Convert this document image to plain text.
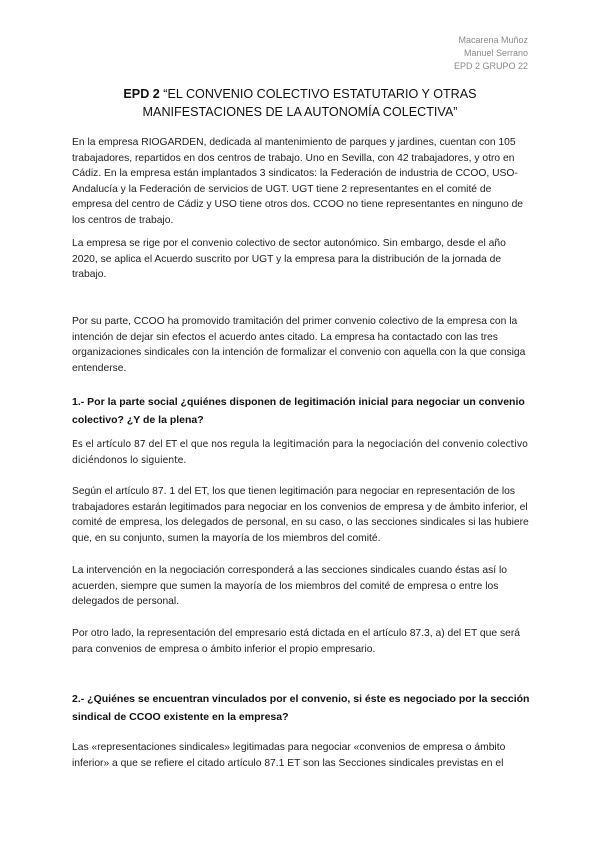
Macarena Muñoz
Manuel Serrano
EPD 2 GRUPO 22
EPD 2 “EL CONVENIO COLECTIVO ESTATUTARIO Y OTRAS MANIFESTACIONES DE LA AUTONOMÍA COLECTIVA”

En la empresa RIOGARDEN, dedicada al mantenimiento de parques y jardines, cuentan con 105 trabajadores, repartidos en dos centros de trabajo. Uno en Sevilla, con 42 trabajadores, y otro en Cádiz. En la empresa están implantados 3 sindicatos: la Federación de industria de CCOO, USO-Andalucía y la Federación de servicios de UGT. UGT tiene 2 representantes en el comité de empresa del centro de Cádiz y USO tiene otros dos. CCOO no tiene representantes en ninguno de los centros de trabajo.

La empresa se rige por el convenio colectivo de sector autonómico. Sin embargo, desde el año 2020, se aplica el Acuerdo suscrito por UGT y la empresa para la distribución de la jornada de trabajo.

Por su parte, CCOO ha promovido tramitación del primer convenio colectivo de la empresa con la intención de dejar sin efectos el acuerdo antes citado. La empresa ha contactado con las tres organizaciones sindicales con la intención de formalizar el convenio con aquella con la que consiga entenderse.

1.- Por la parte social ¿quiénes disponen de legitimación inicial para negociar un convenio colectivo? ¿Y de la plena?

Es el artículo 87 del ET el que nos regula la legitimación para la negociación del convenio colectivo diciéndonos lo siguiente.

Según el artículo 87. 1 del ET, los que tienen legitimación para negociar en representación de los trabajadores estarán legitimados para negociar en los convenios de empresa y de ámbito inferior, el comité de empresa, los delegados de personal, en su caso, o las secciones sindicales si las hubiere que, en su conjunto, sumen la mayoría de los miembros del comité.

La intervención en la negociación corresponderá a las secciones sindicales cuando éstas así lo acuerden, siempre que sumen la mayoría de los miembros del comité de empresa o entre los delegados de personal.

Por otro lado, la representación del empresario está dictada en el artículo 87.3, a) del ET que será para convenios de empresa o ámbito inferior el propio empresario.

2.- ¿Quiénes se encuentran vinculados por el convenio, si éste es negociado por la sección sindical de CCOO existente en la empresa?

Las «representaciones sindicales» legitimadas para negociar «convenios de empresa o ámbito inferior» a que se refiere el citado artículo 87.1 ET son las Secciones sindicales previstas en el
